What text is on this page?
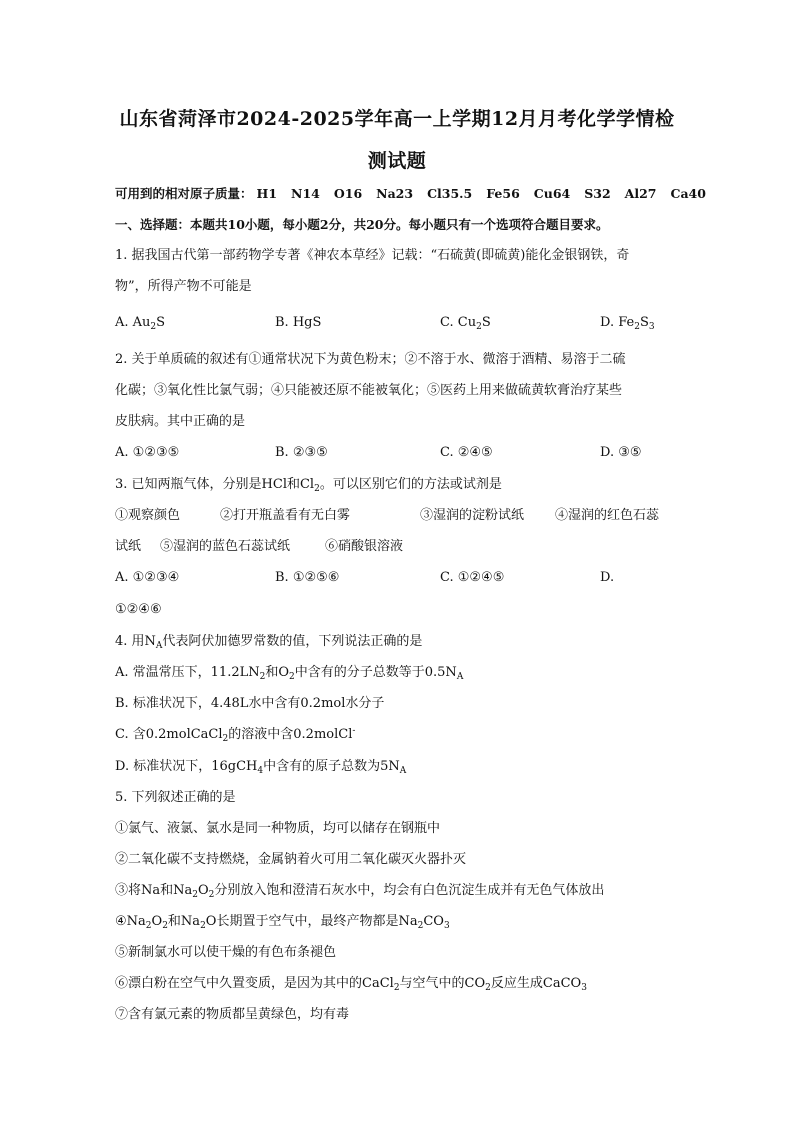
山东省菏泽市2024-2025学年高一上学期12月月考化学学情检
测试题
可用到的相对原子质量： H1 N14 O16 Na23 Cl35.5 Fe56 Cu64 S32 Al27 Ca40
一、选择题：本题共10小题，每小题2分，共20分。每小题只有一个选项符合题目要求。
1. 据我国古代第一部药物学专著《神农本草经》记载：“石硫黄(即硫黄)能化金银钢铁，奇
物”，所得产物不可能是
A. $Au_2S$	B. HgS	C. $Cu_2S$	D. $Fe_2S_3$
2. 关于单质硫的叙述有①通常状况下为黄色粉末；②不溶于水、微溶于酒精、易溶于二硫
化碳；③氧化性比氯气弱；④只能被还原不能被氧化；⑤医药上用来做硫黄软膏治疗某些
皮肤病。其中正确的是
A. ①②③⑤	B. ②③⑤	C. ②④⑤	D. ③⑤
3. 已知两瓶气体，分别是HCl和$Cl_2$。可以区别它们的方法或试剂是
①观察颜色	②打开瓶盖看有无白雾	③湿润的淀粉试纸 ④湿润的红色石蕊
试纸 ⑤湿润的蓝色石蕊试纸	⑥硝酸银溶液
A. ①②③④	B. ①②⑤⑥	C. ①②④⑤	D.
①②④⑥
4. 用$N_A$代表阿伏加德罗常数的值，下列说法正确的是
A. 常温常压下，$11.2LN_2$和$O_2$中含有的分子总数等于$0.5N_A$
B. 标准状况下，4.48L水中含有0.2mol水分子
C. 含0.2molCaCl$_2$的溶液中含0.2molCl-
D. 标准状况下，16gCH$_4$中含有的原子总数为$5N_A$
5. 下列叙述正确的是
①氯气、液氯、氯水是同一种物质，均可以储存在钢瓶中
②二氧化碳不支持燃烧，金属钠着火可用二氧化碳灭火器扑灭
③将Na和$Na_2O_2$分别放入饱和澄清石灰水中，均会有白色沉淀生成并有无色气体放出
$④Na_2O_2$和$Na_2O$长期置于空气中，最终产物都是$Na_2CO_3$
⑤新制氯水可以使干燥的有色布条褪色
⑥漂白粉在空气中久置变质，是因为其中的CaCl$_2$与空气中的$CO_2$反应生成CaCO$_3$
⑦含有氯元素的物质都呈黄绿色，均有毒
